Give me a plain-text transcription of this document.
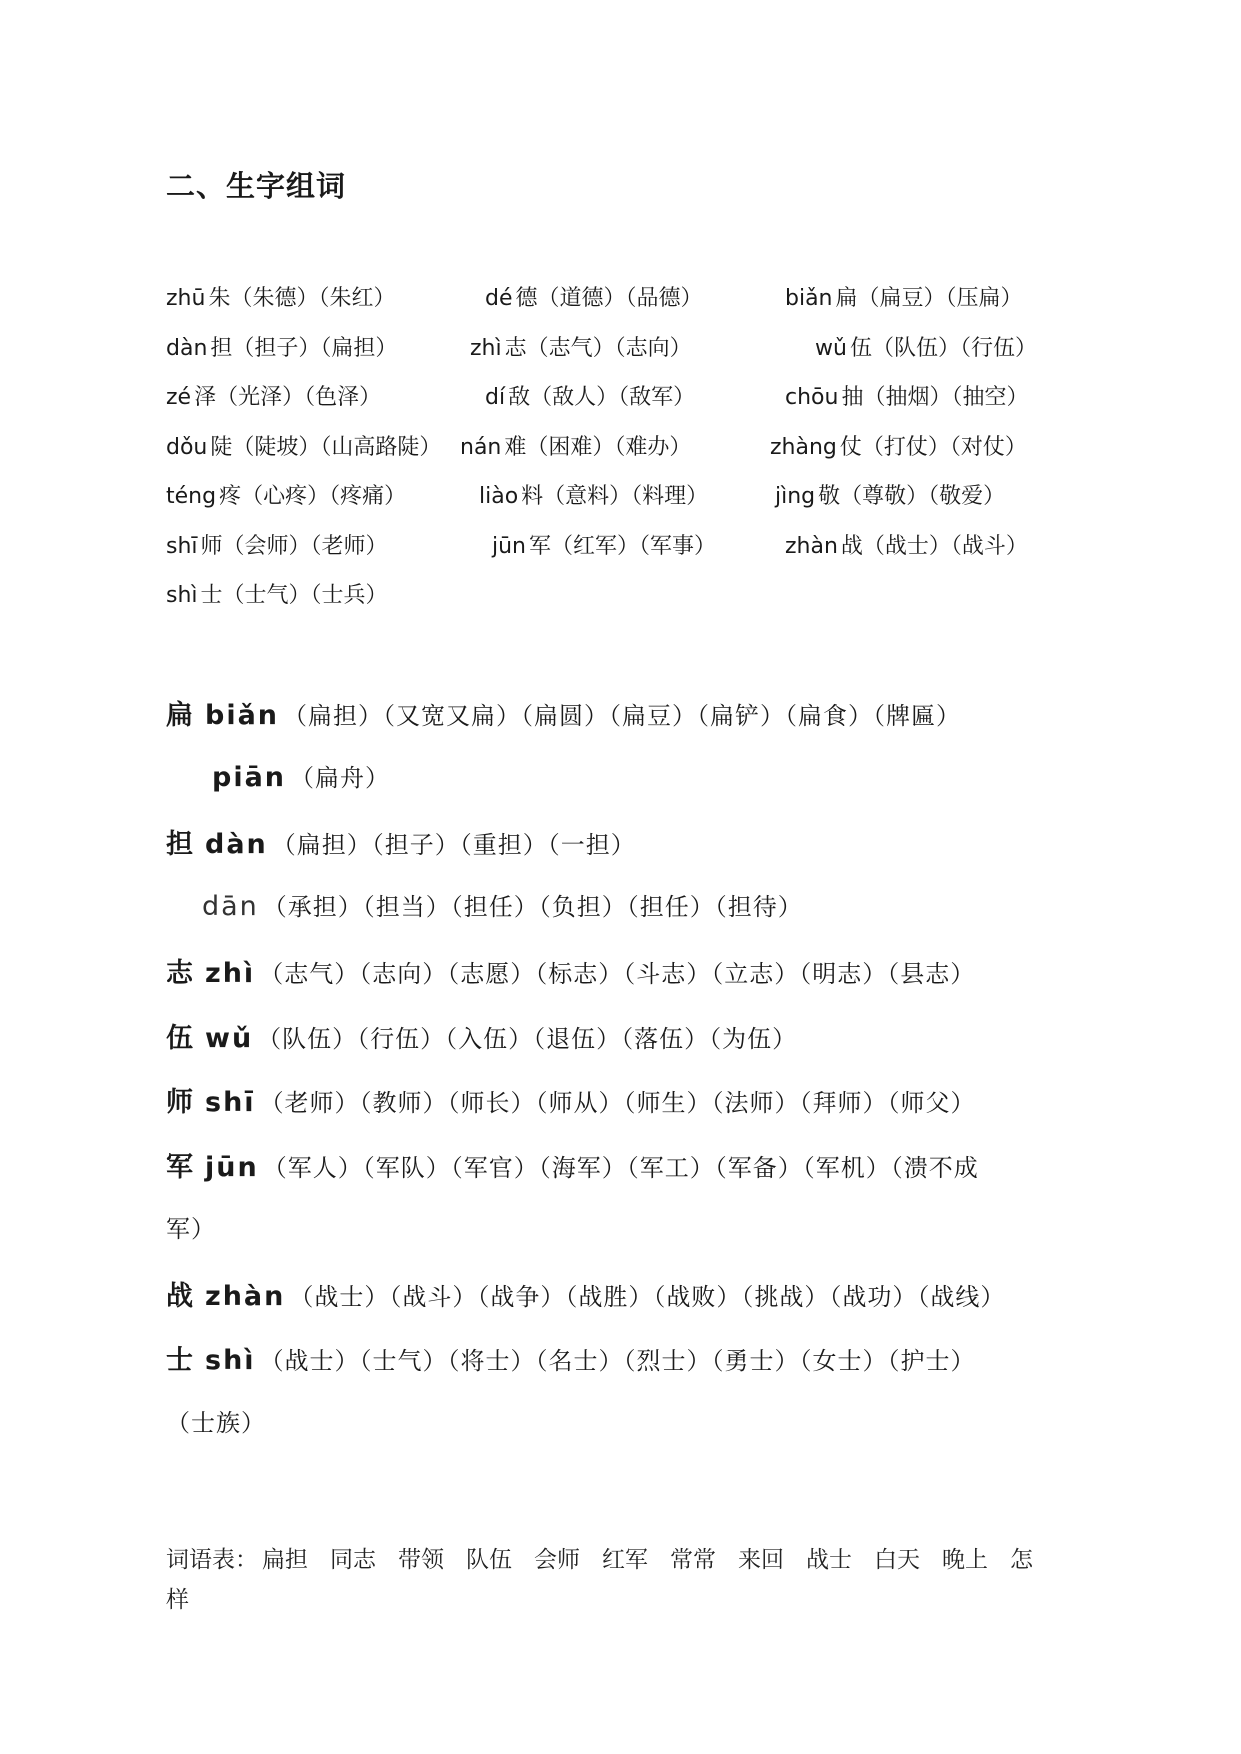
二、生字组词
zhū 朱（朱德）（朱红）	dé 德（道德）（品德）	biǎn 扁（扁豆）（压扁）
dàn 担（担子）（扁担）	zhì 志（志气）（志向）	wǔ 伍（队伍）（行伍）
zé 泽（光泽）（色泽）	dí 敌（敌人）（敌军）	chōu 抽（抽烟）（抽空）
dǒu 陡（陡坡）（山高路陡） nán 难（困难）（难办）	zhàng 仗（打仗）（对仗）
téng 疼（心疼）（疼痛）	liào 料（意料）（料理）	jìng 敬（尊敬）（敬爱）
shī 师（会师）（老师）	jūn 军（红军）（军事）	zhàn 战（战士）（战斗）
shì 士（士气）（士兵）
扁 biǎn （扁担）（又宽又扁）（扁圆）（扁豆）（扁铲）（扁食）（牌匾）
piān （扁舟）
担 dàn （扁担）（担子）（重担）（一担）
dān （承担）（担当）（担任）（负担）（担任）（担待）
志 zhì （志气）（志向）（志愿）（标志）（斗志）（立志）（明志）（县志）
伍 wǔ （队伍）（行伍）（入伍）（退伍）（落伍）（为伍）
师 shī （老师）（教师）（师长）（师从）（师生）（法师）（拜师）（师父）
军 jūn （军人）（军队）（军官）（海军）（军工）（军备）（军机）（溃不成
军）
战 zhàn （战士）（战斗）（战争）（战胜）（战败）（挑战）（战功）（战线）
士 shì （战士）（士气）（将士）（名士）（烈士）（勇士）（女士）（护士）
（士族）
词语表： 扁担 同志 带领 队伍 会师 红军 常常 来回 战士 白天 晚上 怎样
